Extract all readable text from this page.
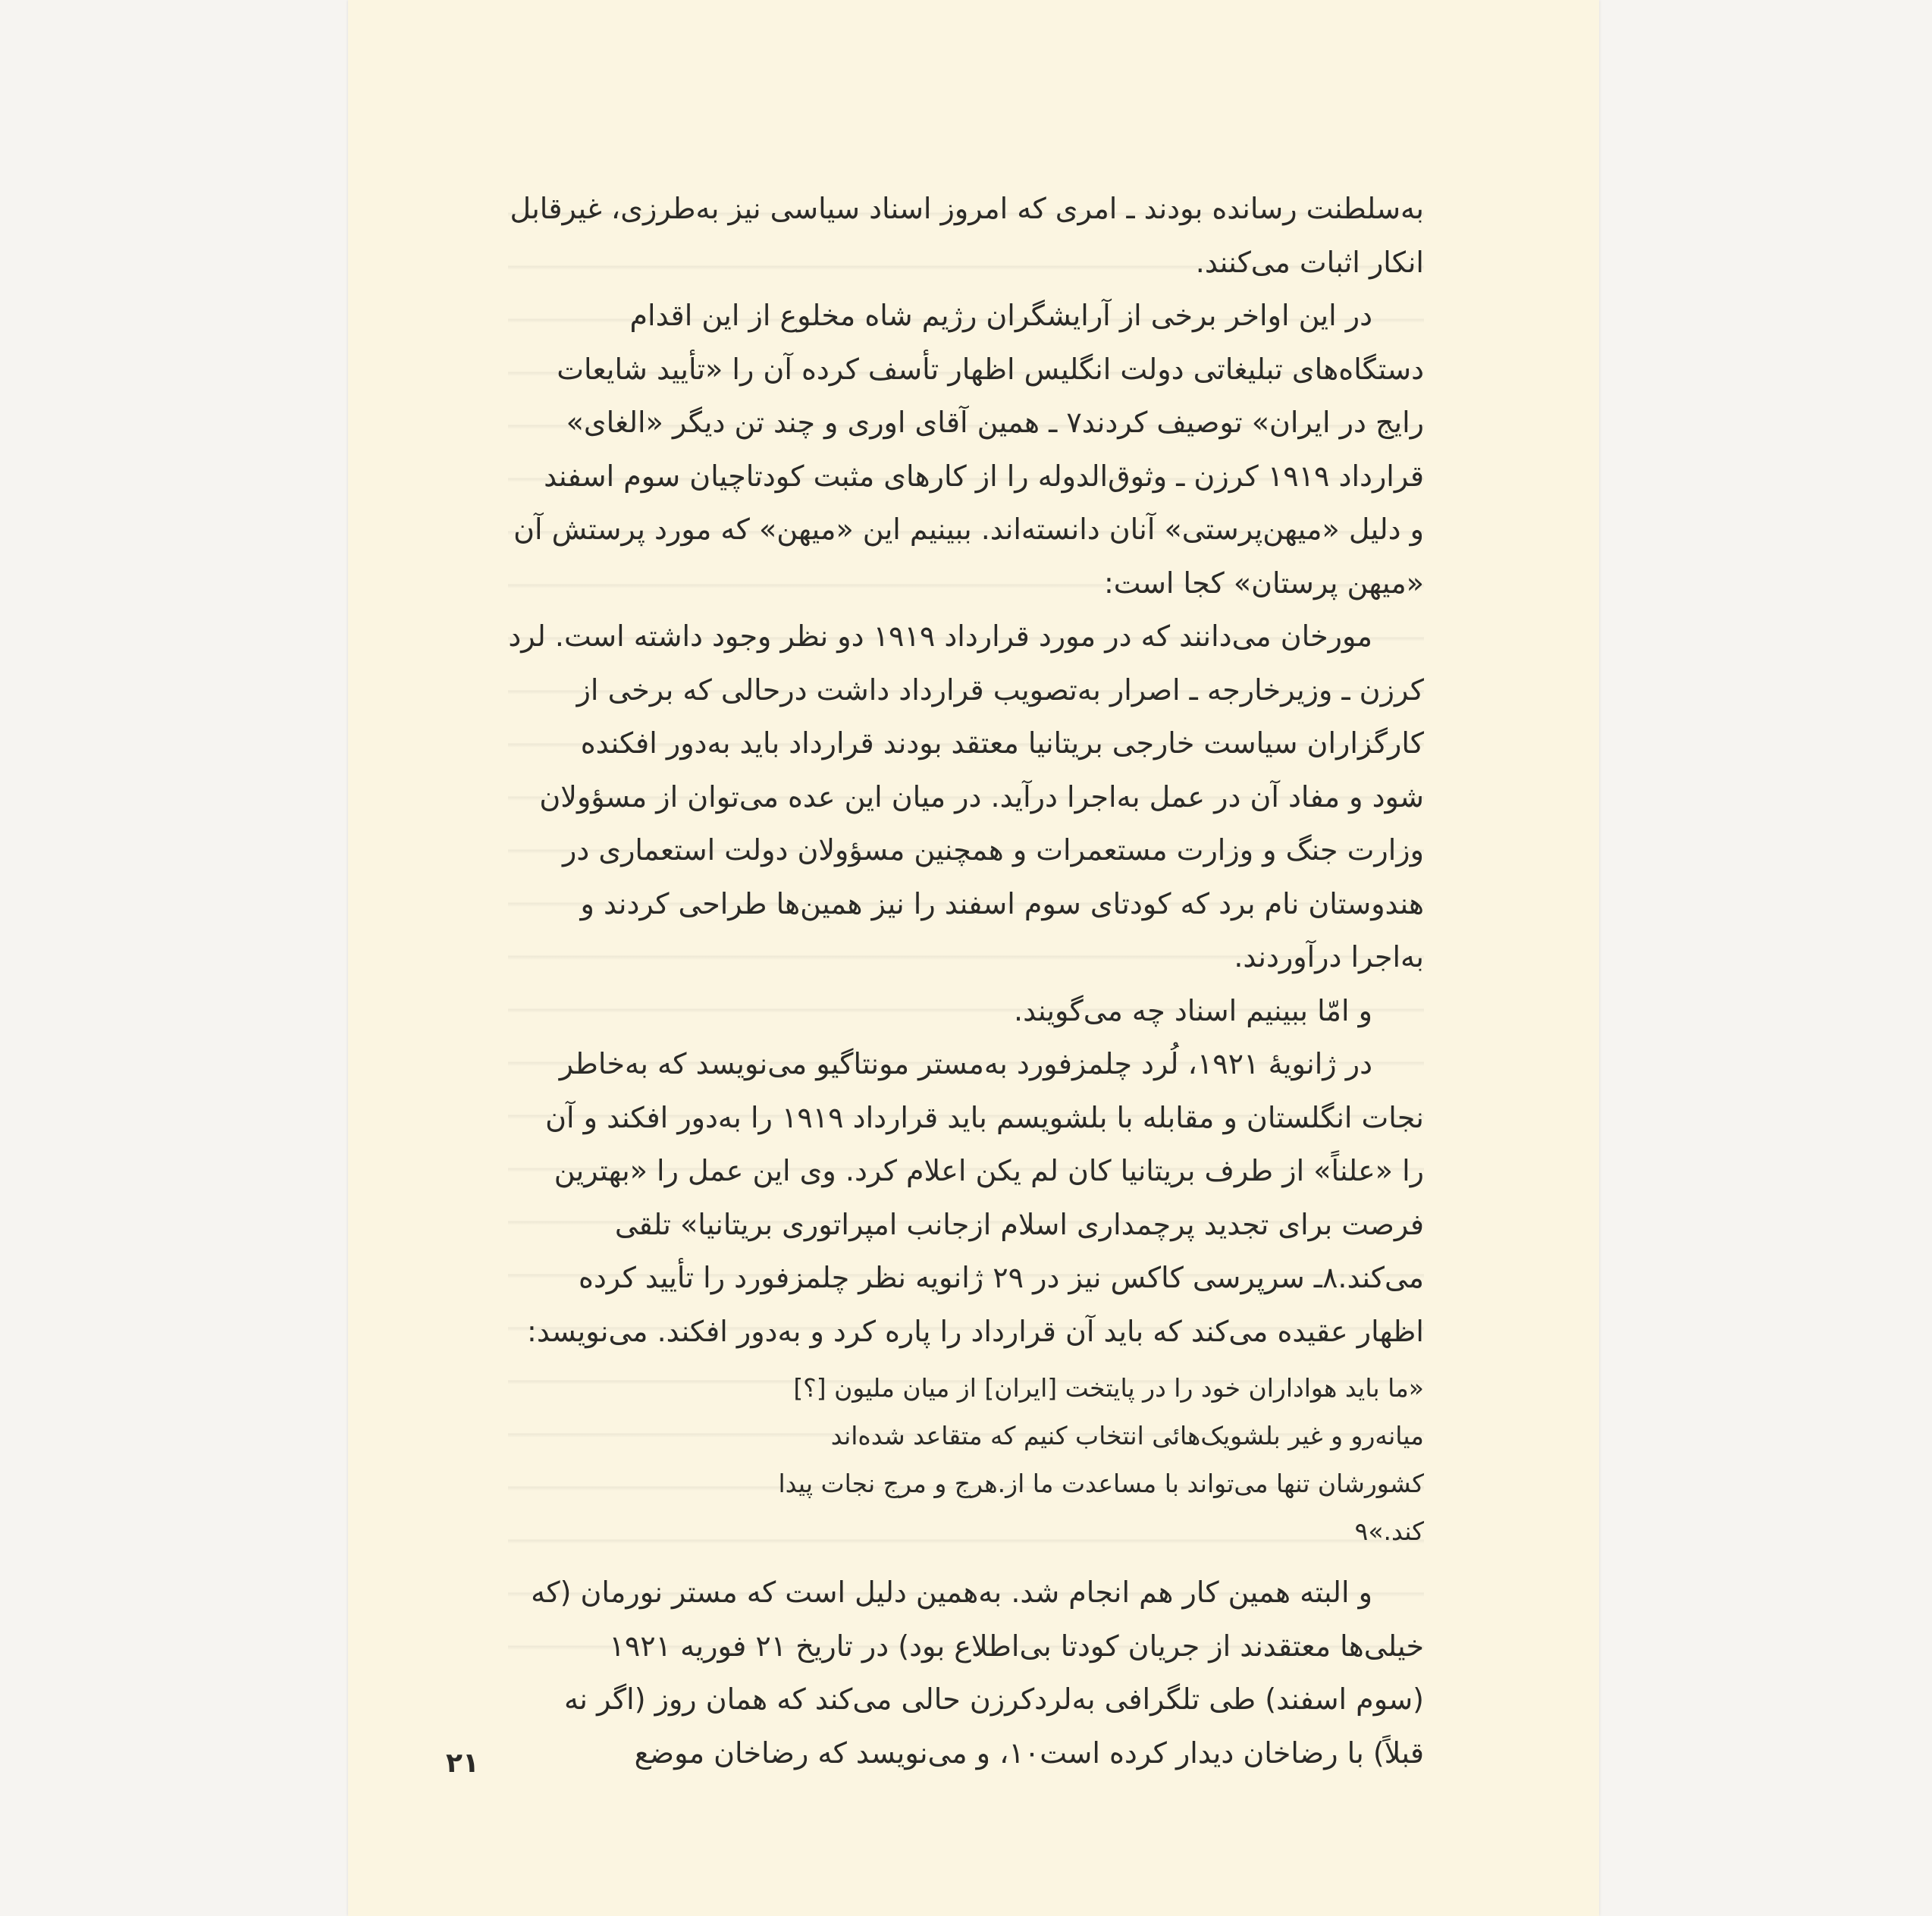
به‌سلطنت رسانده بودند ـ امری که امروز اسناد سیاسی نیز به‌طرزی، غیرقابل
انکار اثبات می‌کنند.
در این اواخر برخی از آرایشگران رژیم شاه مخلوع از این اقدام
دستگاه‌های تبلیغاتی دولت انگلیس اظهار تأسف کرده آن را «تأیید شایعات
رایج در ایران» توصیف کردند۷ ـ همین آقای اوری و چند تن دیگر «الغای»
قرارداد ۱۹۱۹ کرزن ـ وثوق‌الدوله را از کارهای مثبت کودتاچیان سوم اسفند
و دلیل «میهن‌پرستی» آنان دانسته‌اند. ببینیم این «میهن» که مورد پرستش آن
«میهن پرستان» کجا است:
مورخان می‌دانند که در مورد قرارداد ۱۹۱۹ دو نظر وجود داشته است. لرد
کرزن ـ وزیرخارجه ـ اصرار به‌تصویب قرارداد داشت درحالی که برخی از
کارگزاران سیاست خارجی بریتانیا معتقد بودند قرارداد باید به‌دور افکنده
شود و مفاد آن در عمل به‌اجرا درآید. در میان این عده می‌توان از مسؤولان
وزارت جنگ و وزارت مستعمرات و همچنین مسؤولان دولت استعماری در
هندوستان نام برد که کودتای سوم اسفند را نیز همین‌ها طراحی کردند و
به‌اجرا درآوردند.
و امّا ببینیم اسناد چه می‌گویند.
در ژانویهٔ ۱۹۲۱، لُرد چلمزفورد به‌مستر مونتاگیو می‌نویسد که به‌خاطر
نجات انگلستان و مقابله با بلشویسم باید قرارداد ۱۹۱۹ را به‌دور افکند و آن
را «علناً» از طرف بریتانیا کان لم یکن اعلام کرد. وی این عمل را «بهترین
فرصت برای تجدید پرچمداری اسلام ازجانب امپراتوری بریتانیا» تلقی
می‌کند.۸ـ سرپرسی کاکس نیز در ۲۹ ژانویه نظر چلمزفورد را تأیید کرده
اظهار عقیده می‌کند که باید آن قرارداد را پاره کرد و به‌دور افکند. می‌نویسد:
«ما باید هواداران خود را در پایتخت [ایران] از میان ملیون [؟]
میانه‌رو و غیر بلشویک‌هائی انتخاب کنیم که متقاعد شده‌اند
کشورشان تنها می‌تواند با مساعدت ما از.هرج و مرج نجات پیدا
کند.»۹
و البته همین کار هم انجام شد. به‌همین دلیل است که مستر نورمان (که
خیلی‌ها معتقدند از جریان کودتا بی‌اطلاع بود) در تاریخ ۲۱ فوریه ۱۹۲۱
(سوم اسفند) طی تلگرافی به‌لردکرزن حالی می‌کند که همان روز (اگر نه
قبلاً) با رضاخان دیدار کرده است۱۰، و می‌نویسد که رضاخان موضع
۲۱
